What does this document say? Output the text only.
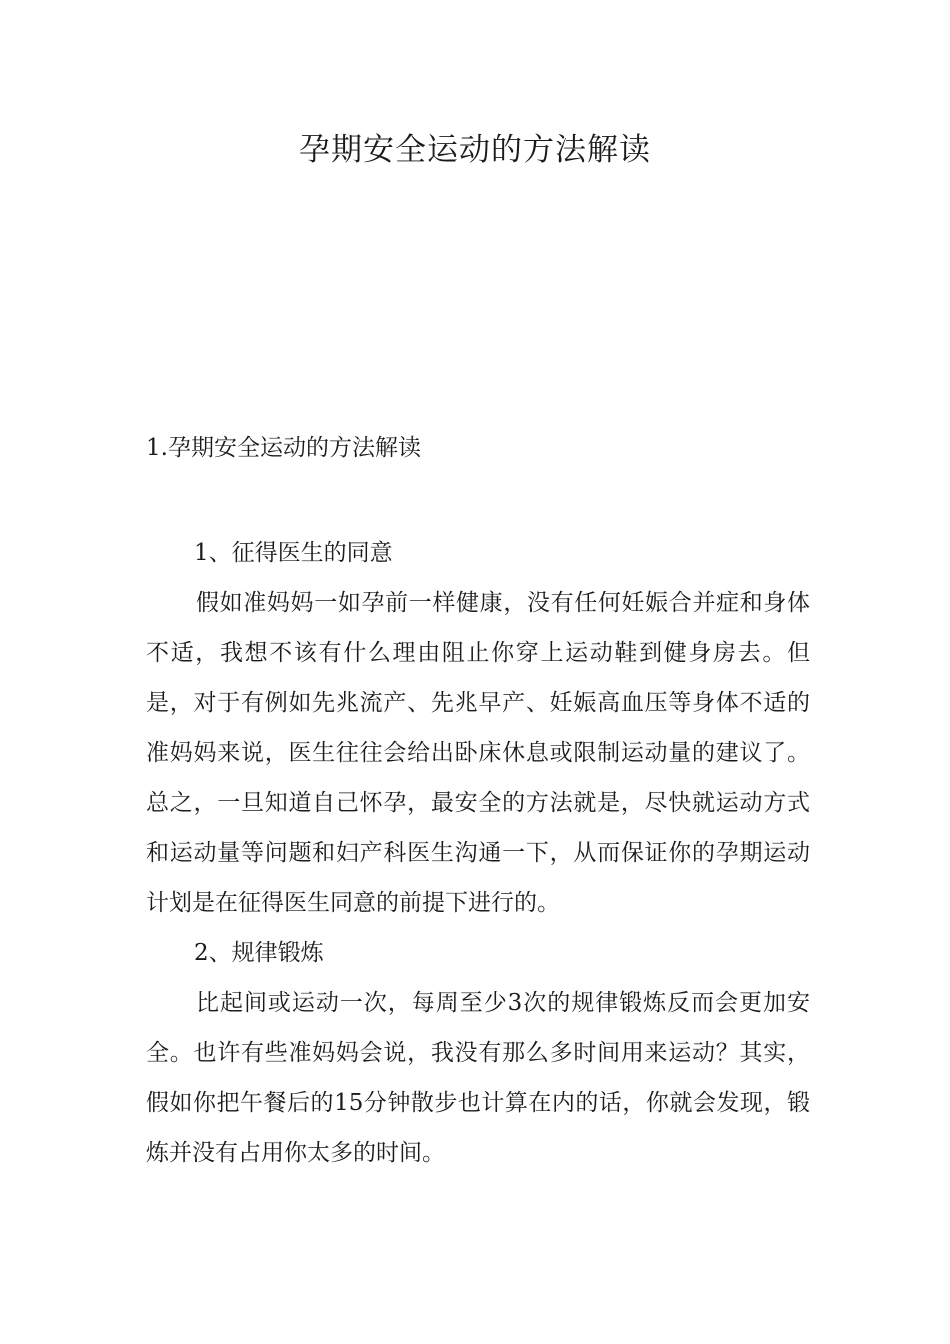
孕期安全运动的方法解读
1.孕期安全运动的方法解读

1、征得医生的同意

假如准妈妈一如孕前一样健康，没有任何妊娠合并症和身体不适，我想不该有什么理由阻止你穿上运动鞋到健身房去。但是，对于有例如先兆流产、先兆早产、妊娠高血压等身体不适的准妈妈来说，医生往往会给出卧床休息或限制运动量的建议了。总之，一旦知道自己怀孕，最安全的方法就是，尽快就运动方式和运动量等问题和妇产科医生沟通一下，从而保证你的孕期运动计划是在征得医生同意的前提下进行的。

2、规律锻炼

比起间或运动一次，每周至少3次的规律锻炼反而会更加安全。也许有些准妈妈会说，我没有那么多时间用来运动？其实，假如你把午餐后的15分钟散步也计算在内的话，你就会发现，锻炼并没有占用你太多的时间。
